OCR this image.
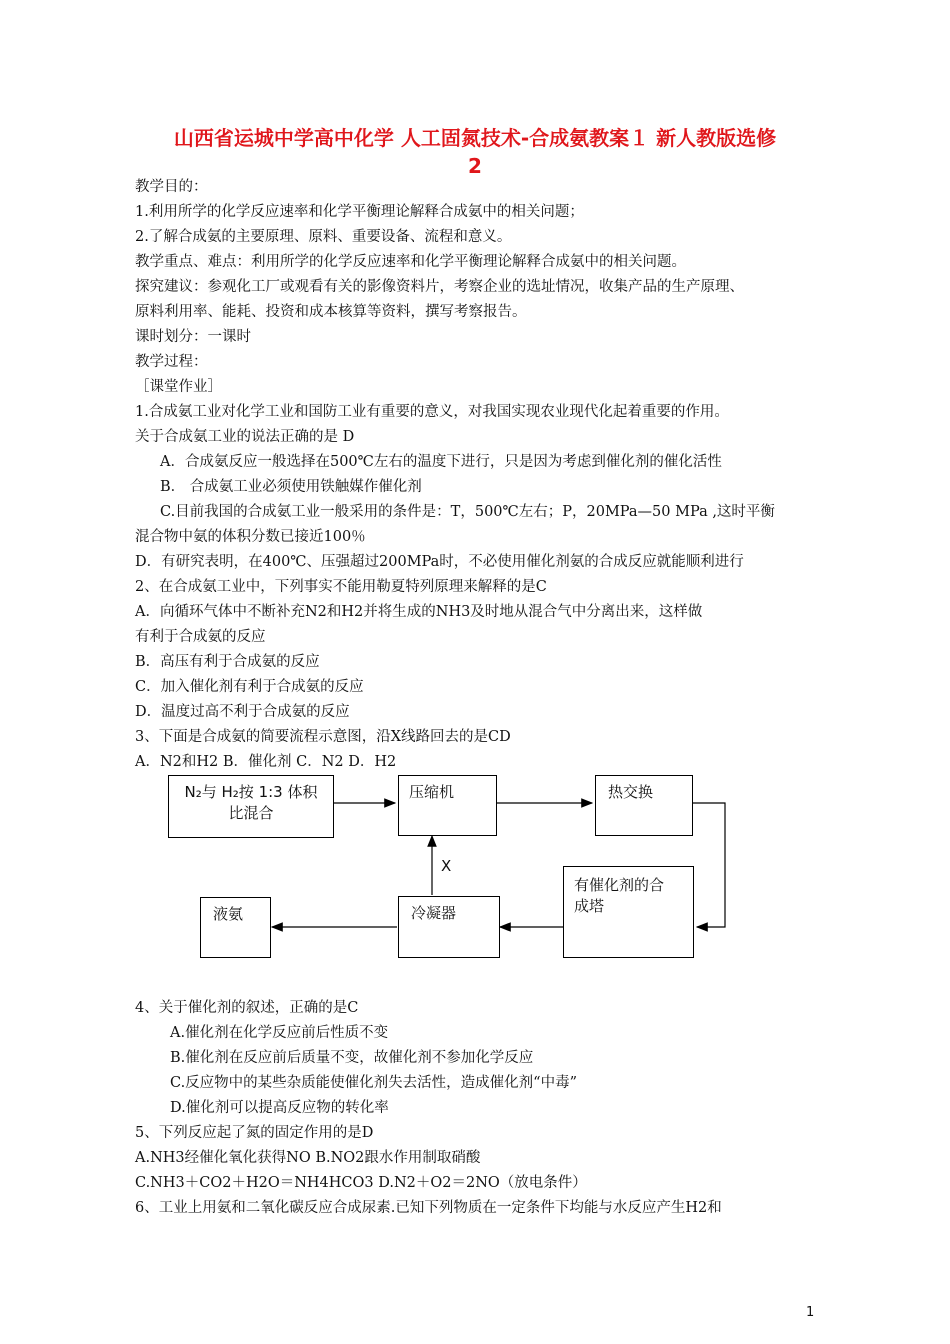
山西省运城中学高中化学 人工固氮技术-合成氨教案１ 新人教版选修
2
教学目的：
1.利用所学的化学反应速率和化学平衡理论解释合成氨中的相关问题；
2.了解合成氨的主要原理、原料、重要设备、流程和意义。
教学重点、难点：利用所学的化学反应速率和化学平衡理论解释合成氨中的相关问题。
探究建议：参观化工厂或观看有关的影像资料片，考察企业的选址情况，收集产品的生产原理、
原料利用率、能耗、投资和成本核算等资料，撰写考察报告。
课时划分：一课时
教学过程：
［课堂作业］
1.合成氨工业对化学工业和国防工业有重要的意义，对我国实现农业现代化起着重要的作用。
关于合成氨工业的说法正确的是 D
A．合成氨反应一般选择在500℃左右的温度下进行，只是因为考虑到催化剂的催化活性
B． 合成氨工业必须使用铁触媒作催化剂
C.目前我国的合成氨工业一般采用的条件是：T，500℃左右；P，20MPa—50 MPa ,这时平衡
混合物中氨的体积分数已接近100％
D．有研究表明，在400℃、压强超过200MPa时，不必使用催化剂氨的合成反应就能顺利进行
2、在合成氨工业中，下列事实不能用勒夏特列原理来解释的是C
A．向循环气体中不断补充N2和H2并将生成的NH3及时地从混合气中分离出来，这样做
有利于合成氨的反应
B．高压有利于合成氨的反应
C．加入催化剂有利于合成氨的反应
D．温度过高不利于合成氨的反应
3、下面是合成氨的简要流程示意图，沿X线路回去的是CD
A．N2和H2 B．催化剂 C．N2 D．H2
N₂与 H₂按 1:3 体积
比混合
压缩机	热交换
X
有催化剂的合
成塔
冷凝器
液氨
4、关于催化剂的叙述，正确的是C
A.催化剂在化学反应前后性质不变
B.催化剂在反应前后质量不变，故催化剂不参加化学反应
C.反应物中的某些杂质能使催化剂失去活性，造成催化剂“中毒”
D.催化剂可以提高反应物的转化率
5、下列反应起了氮的固定作用的是D
A.NH3经催化氧化获得NO B.NO2跟水作用制取硝酸
C.NH3＋CO2＋H2O＝NH4HCO3 D.N2＋O2＝2NO（放电条件）
6、工业上用氨和二氧化碳反应合成尿素.已知下列物质在一定条件下均能与水反应产生H2和
1
